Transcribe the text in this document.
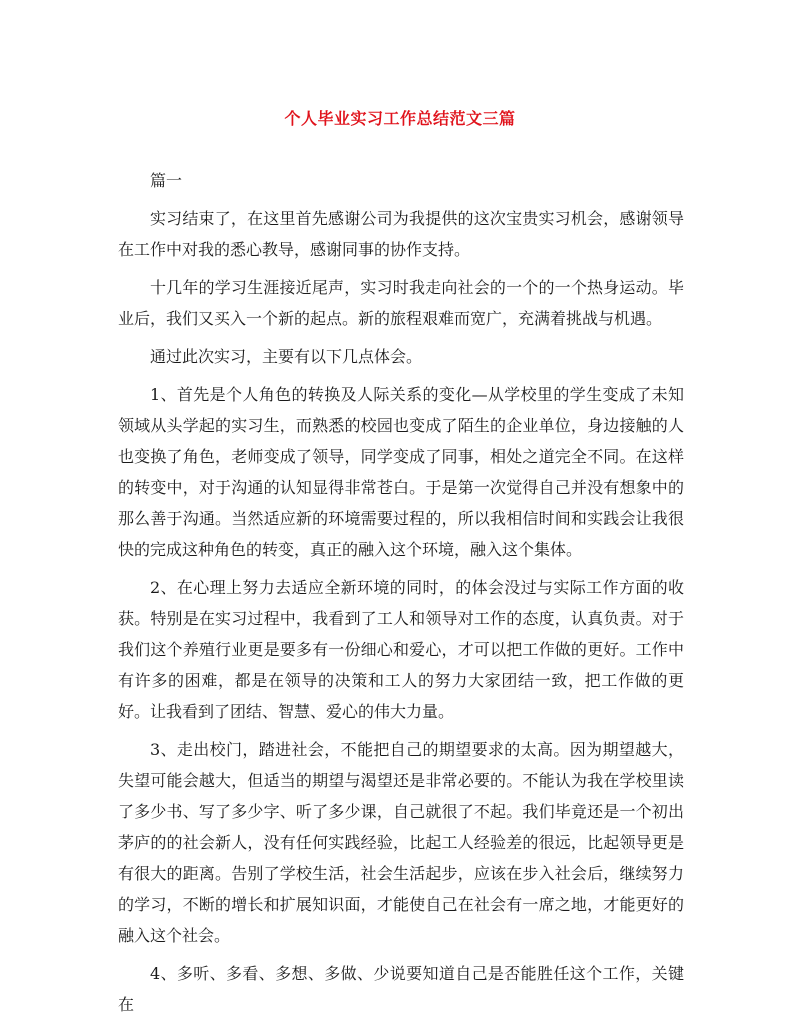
个人毕业实习工作总结范文三篇

篇一

实习结束了，在这里首先感谢公司为我提供的这次宝贵实习机会，感谢领导在工作中对我的悉心教导，感谢同事的协作支持。

十几年的学习生涯接近尾声，实习时我走向社会的一个的一个热身运动。毕业后，我们又买入一个新的起点。新的旅程艰难而宽广，充满着挑战与机遇。

通过此次实习，主要有以下几点体会。

1、首先是个人角色的转换及人际关系的变化—从学校里的学生变成了未知领域从头学起的实习生，而熟悉的校园也变成了陌生的企业单位，身边接触的人也变换了角色，老师变成了领导，同学变成了同事，相处之道完全不同。在这样的转变中，对于沟通的认知显得非常苍白。于是第一次觉得自己并没有想象中的那么善于沟通。当然适应新的环境需要过程的，所以我相信时间和实践会让我很快的完成这种角色的转变，真正的融入这个环境，融入这个集体。

2、在心理上努力去适应全新环境的同时，的体会没过与实际工作方面的收获。特别是在实习过程中，我看到了工人和领导对工作的态度，认真负责。对于我们这个养殖行业更是要多有一份细心和爱心，才可以把工作做的更好。工作中有许多的困难，都是在领导的决策和工人的努力大家团结一致，把工作做的更好。让我看到了团结、智慧、爱心的伟大力量。

3、走出校门，踏进社会，不能把自己的期望要求的太高。因为期望越大，失望可能会越大，但适当的期望与渴望还是非常必要的。不能认为我在学校里读了多少书、写了多少字、听了多少课，自己就很了不起。我们毕竟还是一个初出茅庐的的社会新人，没有任何实践经验，比起工人经验差的很远，比起领导更是有很大的距离。告别了学校生活，社会生活起步，应该在步入社会后，继续努力的学习，不断的增长和扩展知识面，才能使自己在社会有一席之地，才能更好的融入这个社会。

4、多听、多看、多想、多做、少说要知道自己是否能胜任这个工作，关键在
